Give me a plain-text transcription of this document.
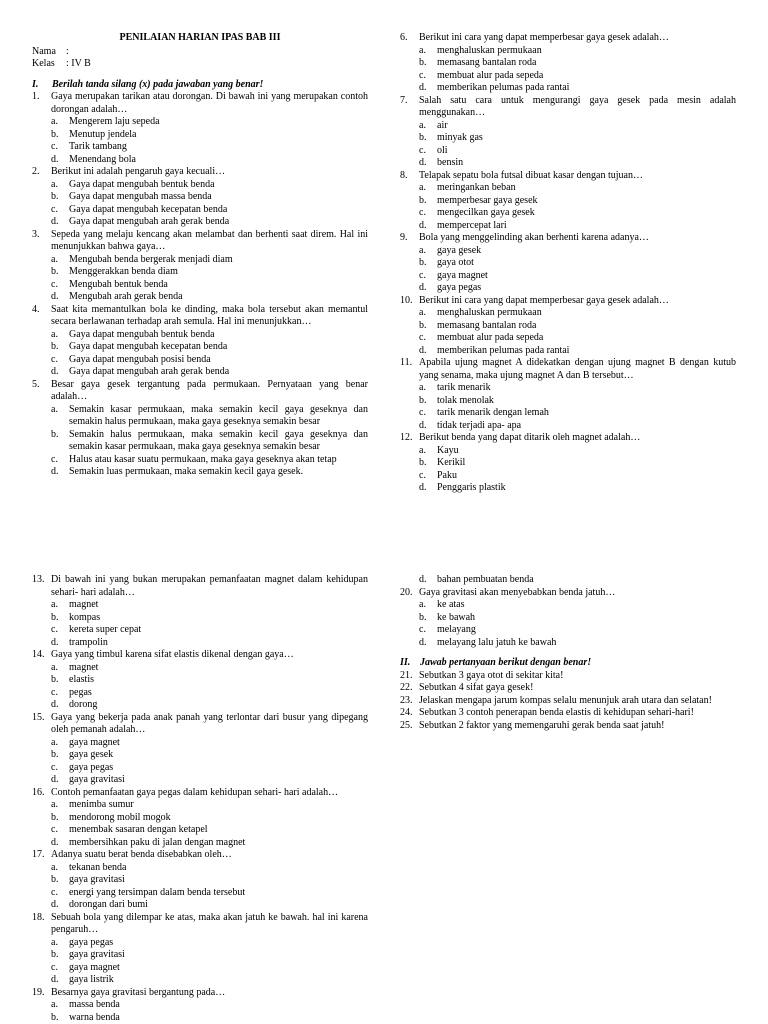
PENILAIAN HARIAN IPAS BAB III
Nama	:
Kelas	: IV B
I.	Berilah tanda silang (x) pada jawaban yang benar!
1.	Gaya merupakan tarikan atau dorongan. Di bawah ini yang merupakan contoh dorongan adalah…
a.	Mengerem laju sepeda
b.	Menutup jendela
c.	Tarik tambang
d.	Menendang bola
2.	Berikut ini adalah pengaruh gaya kecuali…
a.	Gaya dapat mengubah bentuk benda
b.	Gaya dapat mengubah massa benda
c.	Gaya dapat mengubah kecepatan benda
d.	Gaya dapat mengubah arah gerak benda
3.	Sepeda yang melaju kencang akan melambat dan berhenti saat direm. Hal ini menunjukkan bahwa gaya…
a.	Mengubah benda bergerak menjadi diam
b.	Menggerakkan benda diam
c.	Mengubah bentuk benda
d.	Mengubah arah gerak benda
4.	Saat kita memantulkan bola ke dinding, maka bola tersebut akan memantul secara berlawanan terhadap arah semula. Hal ini menunjukkan…
a.	Gaya dapat mengubah bentuk benda
b.	Gaya dapat mengubah kecepatan benda
c.	Gaya dapat mengubah posisi benda
d.	Gaya dapat mengubah arah gerak benda
5.	Besar gaya gesek tergantung pada permukaan. Pernyataan yang benar adalah…
a.	Semakin kasar permukaan, maka semakin kecil gaya geseknya dan semakin halus permukaan, maka gaya geseknya semakin besar
b.	Semakin halus permukaan, maka semakin kecil gaya geseknya dan semakin kasar permukaan, maka gaya geseknya semakin besar
c.	Halus atau kasar suatu permukaan, maka gaya geseknya akan tetap
d.	Semakin luas permukaan, maka semakin kecil gaya gesek.
6.	Berikut ini cara yang dapat memperbesar gaya gesek adalah…
a.	menghaluskan permukaan
b.	memasang bantalan roda
c.	membuat alur pada sepeda
d.	memberikan pelumas pada rantai
7.	Salah satu cara untuk mengurangi gaya gesek pada mesin adalah menggunakan…
a.	air
b.	minyak gas
c.	oli
d.	bensin
8.	Telapak sepatu bola futsal dibuat kasar dengan tujuan…
a.	meringankan beban
b.	memperbesar gaya gesek
c.	mengecilkan gaya gesek
d.	mempercepat lari
9.	Bola yang menggelinding akan berhenti karena adanya…
a.	gaya gesek
b.	gaya otot
c.	gaya magnet
d.	gaya pegas
10. Berikut ini cara yang dapat memperbesar gaya gesek adalah…
a.	menghaluskan permukaan
b.	memasang bantalan roda
c.	membuat alur pada sepeda
d.	memberikan pelumas pada rantai
11. Apabila ujung magnet A didekatkan dengan ujung magnet B dengan kutub yang senama, maka ujung magnet A dan B tersebut…
a.	tarik menarik
b.	tolak menolak
c.	tarik menarik dengan lemah
d.	tidak terjadi apa- apa
12. Berikut benda yang dapat ditarik oleh magnet adalah…
a.	Kayu
b.	Kerikil
c.	Paku
d.	Penggaris plastik
13. Di bawah ini yang bukan merupakan pemanfaatan magnet dalam kehidupan sehari- hari adalah…
a.	magnet
b.	kompas
c.	kereta super cepat
d.	trampolin
14. Gaya yang timbul karena sifat elastis dikenal dengan gaya…
a.	magnet
b.	elastis
c.	pegas
d.	dorong
15. Gaya yang bekerja pada anak panah yang terlontar dari busur yang dipegang oleh pemanah adalah…
a.	gaya magnet
b.	gaya gesek
c.	gaya pegas
d.	gaya gravitasi
16. Contoh pemanfaatan gaya pegas dalam kehidupan sehari- hari adalah…
a.	menimba sumur
b.	mendorong mobil mogok
c.	menembak sasaran dengan ketapel
d.	membersihkan paku di jalan dengan magnet
17. Adanya suatu berat benda disebabkan oleh…
a.	tekanan benda
b.	gaya gravitasi
c.	energi yang tersimpan dalam benda tersebut
d.	dorongan dari bumi
18. Sebuah bola yang dilempar ke atas, maka akan jatuh ke bawah. hal ini karena pengaruh…
a.	gaya pegas
b.	gaya gravitasi
c.	gaya magnet
d.	gaya listrik
19. Besarnya gaya gravitasi bergantung pada…
a.	massa benda
b.	warna benda
d.	bahan pembuatan benda
20. Gaya gravitasi akan menyebabkan benda jatuh…
a.	ke atas
b.	ke bawah
c.	melayang
d.	melayang lalu jatuh ke bawah
II. Jawab pertanyaan berikut dengan benar!
21. Sebutkan 3 gaya otot di sekitar kita!
22. Sebutkan 4 sifat gaya gesek!
23. Jelaskan mengapa jarum kompas selalu menunjuk arah utara dan selatan!
24. Sebutkan 3 contoh penerapan benda elastis di kehidupan sehari-hari!
25. Sebutkan 2 faktor yang memengaruhi gerak benda saat jatuh!
